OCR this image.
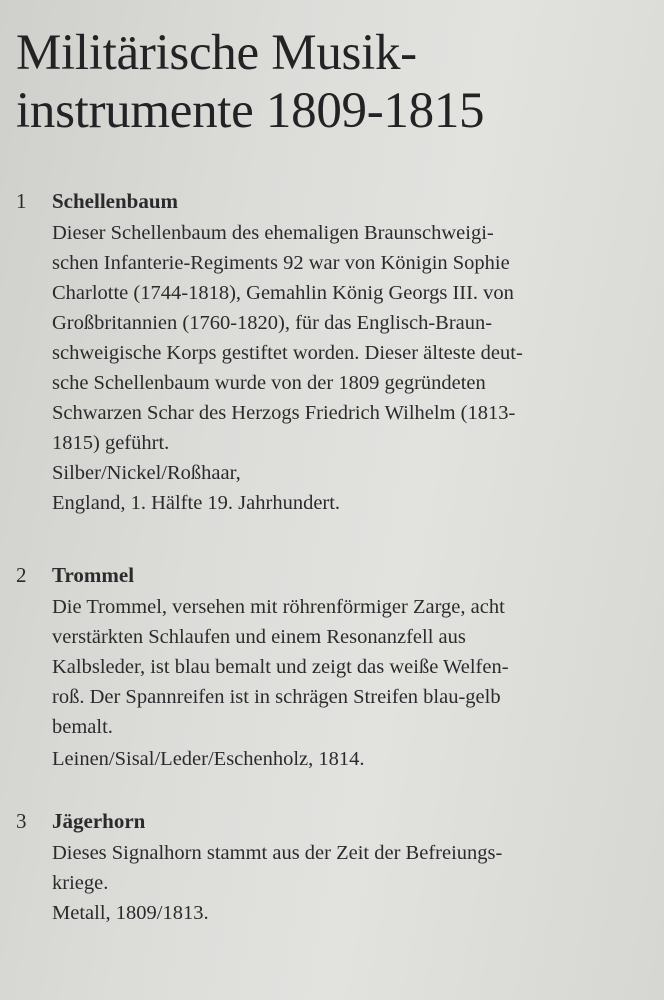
Militärische Musik-
instrumente 1809-1815
1	Schellenbaum
Dieser Schellenbaum des ehemaligen Braunschweigi-
schen Infanterie-Regiments 92 war von Königin Sophie
Charlotte (1744-1818), Gemahlin König Georgs III. von
Großbritannien (1760-1820), für das Englisch-Braun-
schweigische Korps gestiftet worden. Dieser älteste deut-
sche Schellenbaum wurde von der 1809 gegründeten
Schwarzen Schar des Herzogs Friedrich Wilhelm (1813-
1815) geführt.
Silber/Nickel/Roßhaar,
England, 1. Hälfte 19. Jahrhundert.
2	Trommel
Die Trommel, versehen mit röhrenförmiger Zarge, acht
verstärkten Schlaufen und einem Resonanzfell aus
Kalbsleder, ist blau bemalt und zeigt das weiße Welfen-
roß. Der Spannreifen ist in schrägen Streifen blau-gelb
bemalt.
Leinen/Sisal/Leder/Eschenholz, 1814.
3	Jägerhorn
Dieses Signalhorn stammt aus der Zeit der Befreiungs-
kriege.
Metall, 1809/1813.
